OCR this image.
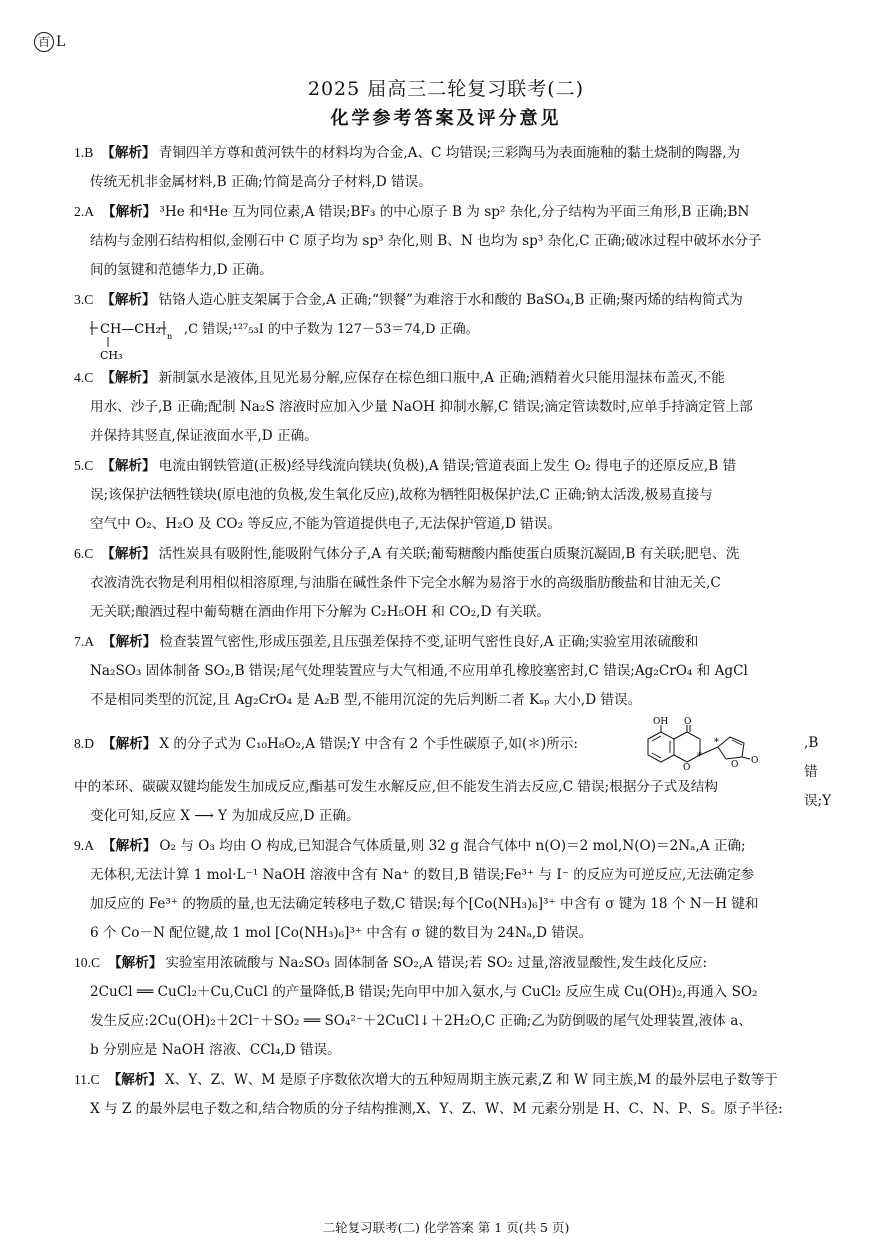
百 L
2025 届高三二轮复习联考(二)
化学参考答案及评分意见
1.B 【解析】 青铜四羊方尊和黄河铁牛的材料均为合金,A、C 均错误;三彩陶马为表面施釉的黏土烧制的陶器,为
传统无机非金属材料,B 正确;竹简是高分子材料,D 错误。
2.A 【解析】 ³He 和⁴He 互为同位素,A 错误;BF₃ 的中心原子 B 为 sp² 杂化,分子结构为平面三角形,B 正确;BN
结构与金刚石结构相似,金刚石中 C 原子均为 sp³ 杂化,则 B、N 也均为 sp³ 杂化,C 正确;破冰过程中破坏水分子
间的氢键和范德华力,D 正确。
3.C 【解析】 钴铬人造心脏支架属于合金,A 正确;“钡餐”为难溶于水和酸的 BaSO₄,B 正确;聚丙烯的结构简式为
CH—CH₂ n
CH₃
,C 错误;¹²⁷₅₃I 的中子数为 127－53＝74,D 正确。
4.C 【解析】 新制氯水是液体,且见光易分解,应保存在棕色细口瓶中,A 正确;酒精着火只能用湿抹布盖灭,不能
用水、沙子,B 正确;配制 Na₂S 溶液时应加入少量 NaOH 抑制水解,C 错误;滴定管读数时,应单手持滴定管上部
并保持其竖直,保证液面水平,D 正确。
5.C 【解析】 电流由钢铁管道(正极)经导线流向镁块(负极),A 错误;管道表面上发生 O₂ 得电子的还原反应,B 错
误;该保护法牺牲镁块(原电池的负极,发生氧化反应),故称为牺牲阳极保护法,C 正确;钠太活泼,极易直接与
空气中 O₂、H₂O 及 CO₂ 等反应,不能为管道提供电子,无法保护管道,D 错误。
6.C 【解析】 活性炭具有吸附性,能吸附气体分子,A 有关联;葡萄糖酸内酯使蛋白质聚沉凝固,B 有关联;肥皂、洗
衣液清洗衣物是利用相似相溶原理,与油脂在碱性条件下完全水解为易溶于水的高级脂肪酸盐和甘油无关,C
无关联;酿酒过程中葡萄糖在酒曲作用下分解为 C₂H₅OH 和 CO₂,D 有关联。
7.A 【解析】 检查装置气密性,形成压强差,且压强差保持不变,证明气密性良好,A 正确;实验室用浓硫酸和
Na₂SO₃ 固体制备 SO₂,B 错误;尾气处理装置应与大气相通,不应用单孔橡胶塞密封,C 错误;Ag₂CrO₄ 和 AgCl
不是相同类型的沉淀,且 Ag₂CrO₄ 是 A₂B 型,不能用沉淀的先后判断二者 Kₛₚ 大小,D 错误。
8.D 【解析】 X 的分子式为 C₁₀H₈O₂,A 错误;Y 中含有 2 个手性碳原子,如(＊)所示:
O
OH
O
*
*
O O
,B 错误;Y
中的苯环、碳碳双键均能发生加成反应,酯基可发生水解反应,但不能发生消去反应,C 错误;根据分子式及结构
变化可知,反应 X ⟶ Y 为加成反应,D 正确。
9.A 【解析】 O₂ 与 O₃ 均由 O 构成,已知混合气体质量,则 32 g 混合气体中 n(O)＝2 mol,N(O)＝2Nₐ,A 正确;
无体积,无法计算 1 mol·L⁻¹ NaOH 溶液中含有 Na⁺ 的数目,B 错误;Fe³⁺ 与 I⁻ 的反应为可逆反应,无法确定参
加反应的 Fe³⁺ 的物质的量,也无法确定转移电子数,C 错误;每个[Co(NH₃)₆]³⁺ 中含有 σ 键为 18 个 N－H 键和
6 个 Co－N 配位键,故 1 mol [Co(NH₃)₆]³⁺ 中含有 σ 键的数目为 24Nₐ,D 错误。
10.C 【解析】 实验室用浓硫酸与 Na₂SO₃ 固体制备 SO₂,A 错误;若 SO₂ 过量,溶液显酸性,发生歧化反应:
2CuCl ══ CuCl₂＋Cu,CuCl 的产量降低,B 错误;先向甲中加入氨水,与 CuCl₂ 反应生成 Cu(OH)₂,再通入 SO₂
发生反应:2Cu(OH)₂＋2Cl⁻＋SO₂ ══ SO₄²⁻＋2CuCl↓＋2H₂O,C 正确;乙为防倒吸的尾气处理装置,液体 a、
b 分别应是 NaOH 溶液、CCl₄,D 错误。
11.C 【解析】 X、Y、Z、W、M 是原子序数依次增大的五种短周期主族元素,Z 和 W 同主族,M 的最外层电子数等于
X 与 Z 的最外层电子数之和,结合物质的分子结构推测,X、Y、Z、W、M 元素分别是 H、C、N、P、S。原子半径:
二轮复习联考(二) 化学答案 第 1 页(共 5 页)
